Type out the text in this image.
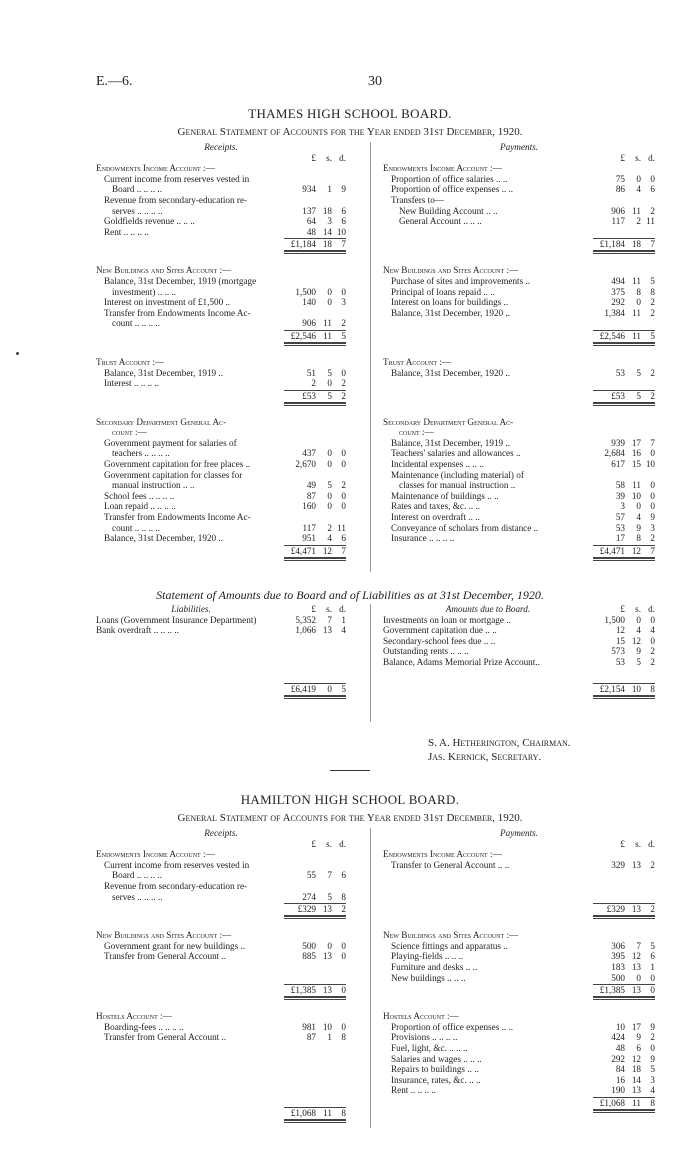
E.—6.	30
THAMES HIGH SCHOOL BOARD.
General Statement of Accounts for the Year ended 31st December, 1920.
Receipts.
£	s. d.
Endowments Income Account :—
Current income from reserves vested in
Board .. .. .. ..	934	1	9
Revenue from secondary-education re-
serves .. .. .. ..	137 18	6
Goldfields revenue .. .. ..	64	3	6
Rent .. .. .. ..	48 14 10
£1,184 18	7
New Buildings and Sites Account :—
Balance, 31st December, 1919 (mortgage
investment) .. .. ..	1,500	0	0
Interest on investment of £1,500 ..	140	0	3
Transfer from Endowments Income Ac-
count .. .. .. ..	906 11	2
£2,546 11	5
Trust Account :—
Balance, 31st December, 1919 ..	51	5	0
Interest .. .. .. ..	2	0	2
£53	5	2
Secondary Department General Ac-
count :—
Government payment for salaries of
teachers .. .. .. ..	437	0	0
Government capitation for free places ..	2,670	0	0
Government capitation for classes for
manual instruction .. ..	49	5	2
School fees .. .. .. ..	87	0	0
Loan repaid .. .. .. ..	160	0	0
Transfer from Endowments Income Ac-
count .. .. .. ..	117	2 11
Balance, 31st December, 1920 ..	951	4	6
£4,471 12	7
Payments.
£	s. d.
Endowments Income Account :—
Proportion of office salaries .. ..	75	0	0
Proportion of office expenses .. ..	86	4	6
Transfers to—
New Building Account .. ..	906 11	2
General Account .. .. ..	117	2 11
£1,184 18	7
New Buildings and Sites Account :—
Purchase of sites and improvements ..	494 11	5
Principal of loans repaid .. ..	375	8	8
Interest on loans for buildings ..	292	0	2
Balance, 31st December, 1920 ..	1,384 11	2
£2,546 11	5
Trust Account :—
Balance, 31st December, 1920 ..	53	5	2
£53	5	2
Secondary Department General Ac-
count :—
Balance, 31st December, 1919 ..	939 17	7
Teachers' salaries and allowances ..	2,684 16	0
Incidental expenses .. .. ..	617 15 10
Maintenance (including material) of
classes for manual instruction ..	58 11	0
Maintenance of buildings .. ..	39 10	0
Rates and taxes, &c. .. ..	3	0	0
Interest on overdraft .. ..	57	4	9
Conveyance of scholars from distance ..	53	9	3
Insurance .. .. .. ..	17	8	2
£4,471 12	7
Statement of Amounts due to Board and of Liabilities as at 31st December, 1920.
Liabilities.	£	s. d.
Loans (Government Insurance Department)	5,352	7	1
Bank overdraft .. .. .. ..	1,066 13	4
£6,419	0	5
Amounts due to Board.	£	s. d.
Investments on loan or mortgage ..	1,500	0	0
Government capitation due .. ..	12	4	4
Secondary-school fees due .. ..	15 12	0
Outstanding rents .. .. ..	573	9	2
Balance, Adams Memorial Prize Account..	53	5	2
£2,154 10	8
S. A. Hetherington, Chairman.
Jas. Kernick, Secretary.
HAMILTON HIGH SCHOOL BOARD.
General Statement of Accounts for the Year ended 31st December, 1920.
Receipts.
£	s. d.
Endowments Income Account :—
Current income from reserves vested in
Board .. .. .. ..	55	7	6
Revenue from secondary-education re-
serves .. .. .. ..	274	5	8
£329 13	2
New Buildings and Sites Account :—
Government grant for new buildings ..	500	0	0
Transfer from General Account ..	885 13	0
£1,385 13	0
Hostels Account :—
Boarding-fees .. .. .. ..	981 10	0
Transfer from General Account ..	87	1	8
£1,068 11	8
Payments.
£	s. d.
Endowments Income Account :—
Transfer to General Account .. ..	329 13	2
£329 13	2
New Buildings and Sites Account :—
Science fittings and apparatus ..	306	7	5
Playing-fields .. .. ..	395 12	6
Furniture and desks .. ..	183 13	1
New buildings .. .. ..	500	0	0
£1,385 13	0
Hostels Account :—
Proportion of office expenses .. ..	10 17	9
Provisions .. .. .. ..	424	9	2
Fuel, light, &c. .. .. ..	48	6	0
Salaries and wages .. .. ..	292 12	9
Repairs to buildings .. ..	84 18	5
Insurance, rates, &c. .. ..	16 14	3
Rent .. .. .. ..	190 13	4
£1,068 11	8
